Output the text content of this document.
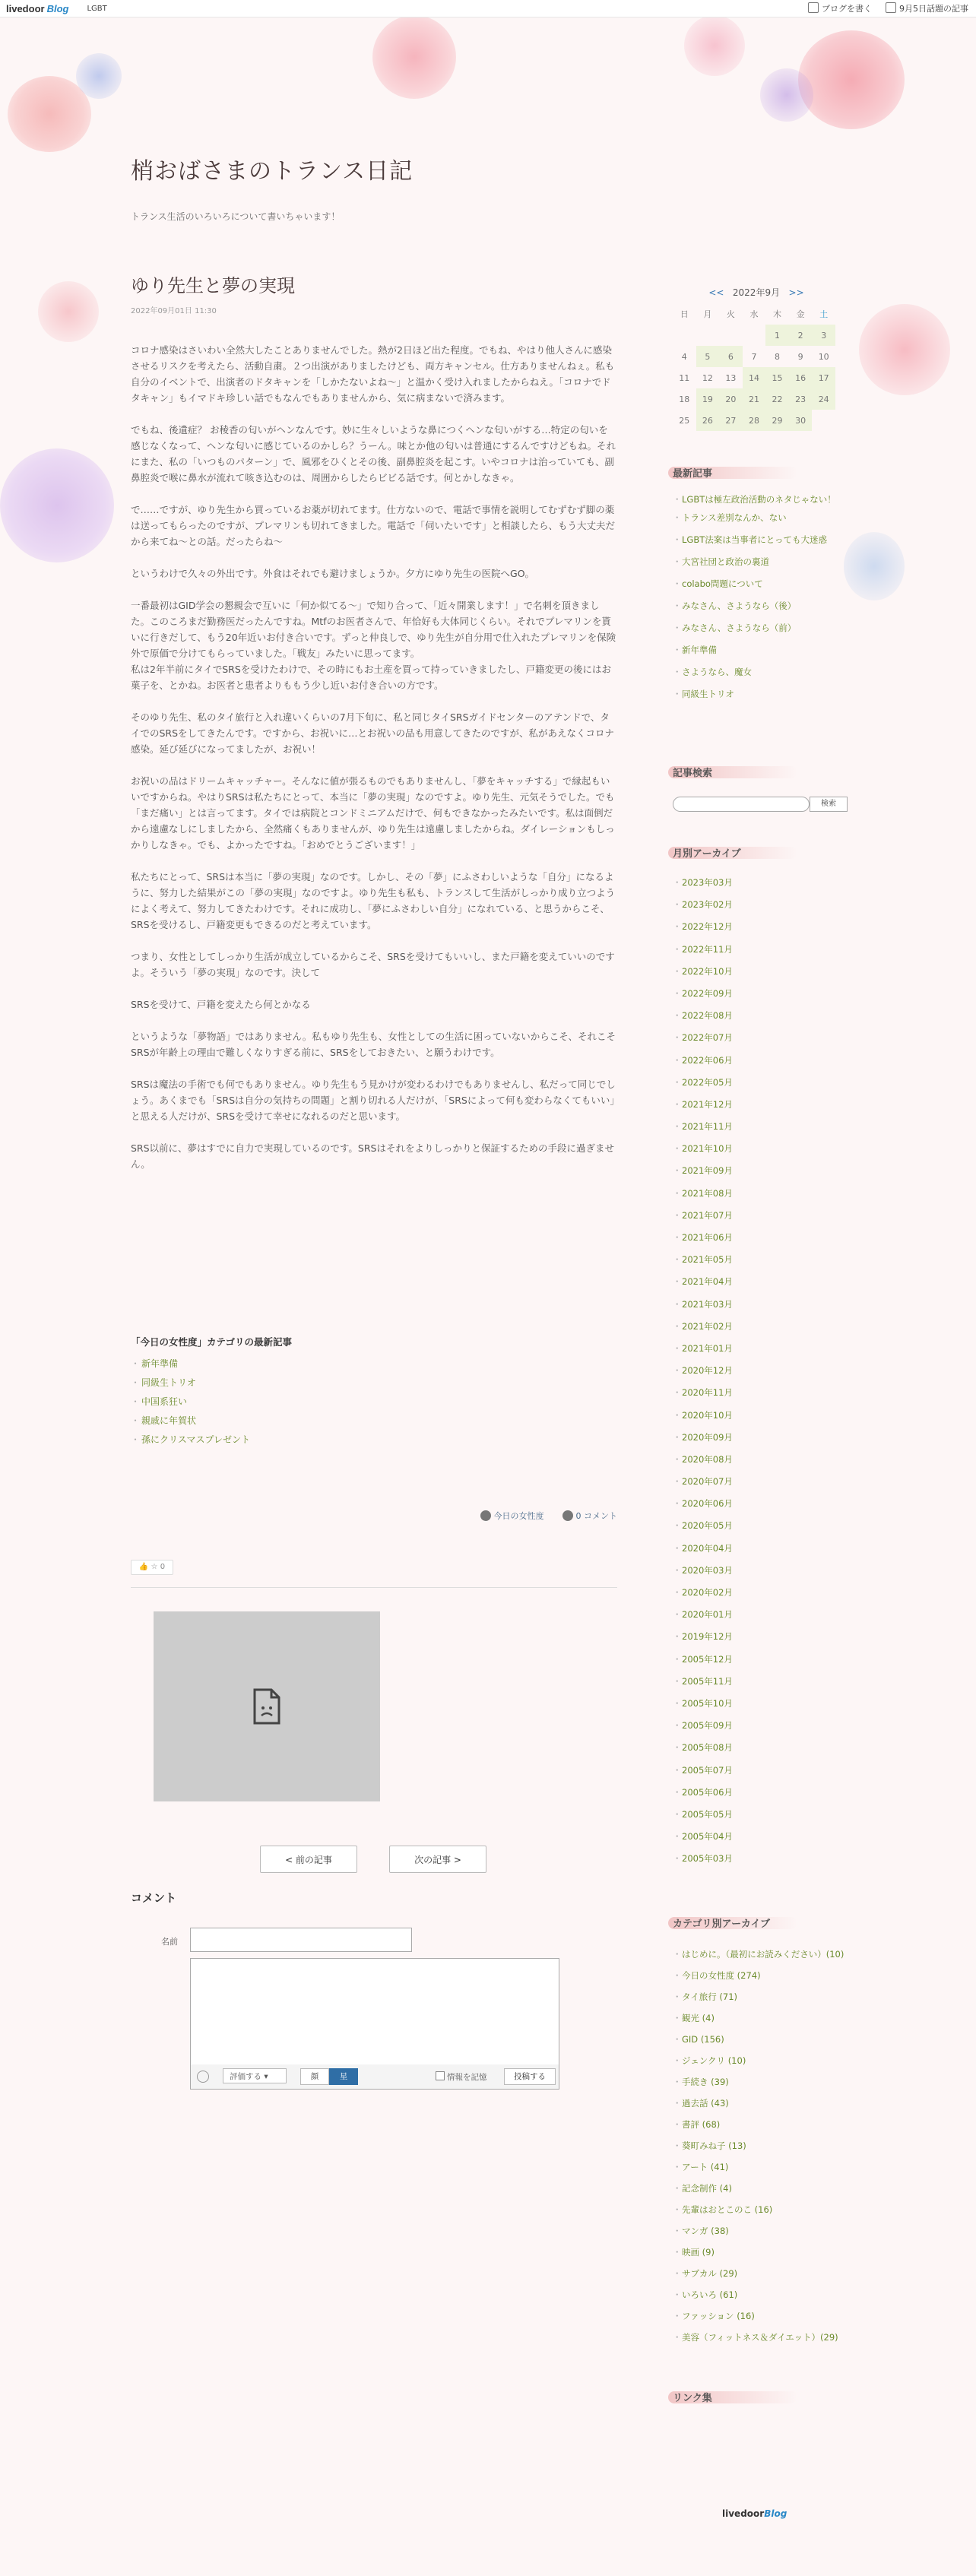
livedoor Blog LGBT	ブログを書く	9月5日話題の記事
梢おばさまのトランス日記
トランス生活のいろいろについて書いちゃいます！
ゆり先生と夢の実現
2022年09月01日 11:30

コロナ感染はさいわい全然大したことありませんでした。熱が2日ほど出た程度。でもね、やはり他人さんに感染させるリスクを考えたら、活動自粛。２つ出演がありましたけども、両方キャンセル。仕方ありませんねぇ。私も自分のイベントで、出演者のドタキャンを「しかたないよね～」と温かく受け入れましたからねえ。「コロナでドタキャン」もイマドキ珍しい話でもなんでもありませんから、気に病まないで済みます。

でもね、後遺症？ お稜香の匂いがヘンなんです。妙に生々しいような鼻につくヘンな匂いがする…特定の匂いを感じなくなって、ヘンな匂いに感じているのかしら？うーん。味とか他の匂いは普通にするんですけどもね。それにまた、私の「いつものパターン」で、風邪をひくとその後、副鼻腔炎を起こす。いやコロナは治っていても、副鼻腔炎で喉に鼻水が流れて咳き込むのは、周囲からしたらビビる話です。何とかしなきゃ。

で……ですが、ゆり先生から買っているお薬が切れてます。仕方ないので、電話で事情を説明してむずむず脚の薬は送ってもらったのですが、プレマリンも切れてきました。電話で「伺いたいです」と相談したら、もう大丈夫だから来てね～との話。だったらね～

というわけで久々の外出です。外食はそれでも避けましょうか。夕方にゆり先生の医院へGO。

一番最初はGID学会の懇親会で互いに「何か似てる～」で知り合って、「近々開業します！」で名刺を頂きました。このころまだ勤務医だったんですね。Mtfのお医者さんで、年恰好も大体同じくらい。それでプレマリンを貰いに行きだして、もう20年近いお付き合いです。ずっと仲良しで、ゆり先生が自分用で仕入れたプレマリンを保険外で原価で分けてもらっていました。「戦友」みたいに思ってます。
私は2年半前にタイでSRSを受けたわけで、その時にもお土産を買って持っていきましたし、戸籍変更の後にはお菓子を、とかね。お医者と患者よりももう少し近いお付き合いの方です。

そのゆり先生、私のタイ旅行と入れ違いくらいの7月下旬に、私と同じタイSRSガイドセンターのアテンドで、タイでのSRSをしてきたんです。ですから、お祝いに…とお祝いの品も用意してきたのですが、私があえなくコロナ感染。延び延びになってましたが、お祝い！

お祝いの品はドリームキャッチャー。そんなに値が張るものでもありませんし、「夢をキャッチする」で縁起もいいですからね。やはりSRSは私たちにとって、本当に「夢の実現」なのですよ。ゆり先生、元気そうでした。でも「まだ痛い」とは言ってます。タイでは病院とコンドミニアムだけで、何もできなかったみたいです。私は面倒だから遠慮なしにしましたから、全然痛くもありませんが、ゆり先生は遠慮しましたからね。ダイレーションもしっかりしなきゃ。でも、よかったですね。「おめでとうございます！」

私たちにとって、SRSは本当に「夢の実現」なのです。しかし、その「夢」にふさわしいような「自分」になるように、努力した結果がこの「夢の実現」なのですよ。ゆり先生も私も、トランスして生活がしっかり成り立つようによく考えて、努力してきたわけです。それに成功し、「夢にふさわしい自分」になれている、と思うからこそ、SRSを受けるし、戸籍変更もできるのだと考えています。

つまり、女性としてしっかり生活が成立しているからこそ、SRSを受けてもいいし、また戸籍を変えていいのですよ。そういう「夢の実現」なのです。決して

SRSを受けて、戸籍を変えたら何とかなる

というような「夢物語」ではありません。私もゆり先生も、女性としての生活に困っていないからこそ、それこそSRSが年齢上の理由で難しくなりすぎる前に、SRSをしておきたい、と願うわけです。

SRSは魔法の手術でも何でもありません。ゆり先生もう見かけが変わるわけでもありませんし、私だって同じでしょう。あくまでも「SRSは自分の気持ちの問題」と割り切れる人だけが、「SRSによって何も変わらなくてもいい」と思える人だけが、SRSを受けて幸せになれるのだと思います。

SRS以前に、夢はすでに自力で実現しているのです。SRSはそれをよりしっかりと保証するための手段に過ぎません。

「今日の女性度」カテゴリの最新記事
・ 新年準備
・ 同級生トリオ
・ 中国系狂い
・ 親戚に年賀状
・ 孫にクリスマスプレゼント
今日の女性度	0 コメント
👍 ☆ 0
< 前の記事	次の記事 >
コメント
名前
評価する ▾	顔	星	情報を記憶	投稿する
<< 2022年9月 >>
日	月	火	水	木	金	土
				1	2	3
4	5	6	7	8	9	10
11	12	13	14	15	16	17
18	19	20	21	22	23	24
25	26	27	28	29	30	
最新記事
・ LGBTは極左政治活動のネタじゃない！
・ トランス差別なんか、ない
・ LGBT法案は当事者にとっても大迷惑
・ 大宮社団と政治の裏道
・ colabo問題について
・ みなさん、さようなら（後）
・ みなさん、さようなら（前）
・ 新年準備
・ さようなら、魔女
・ 同級生トリオ
記事検索
検索
月別アーカイブ
・ 2023年03月
・ 2023年02月
・ 2022年12月
・ 2022年11月
・ 2022年10月
・ 2022年09月
・ 2022年08月
・ 2022年07月
・ 2022年06月
・ 2022年05月
・ 2021年12月
・ 2021年11月
・ 2021年10月
・ 2021年09月
・ 2021年08月
・ 2021年07月
・ 2021年06月
・ 2021年05月
・ 2021年04月
・ 2021年03月
・ 2021年02月
・ 2021年01月
・ 2020年12月
・ 2020年11月
・ 2020年10月
・ 2020年09月
・ 2020年08月
・ 2020年07月
・ 2020年06月
・ 2020年05月
・ 2020年04月
・ 2020年03月
・ 2020年02月
・ 2020年01月
・ 2019年12月
・ 2005年12月
・ 2005年11月
・ 2005年10月
・ 2005年09月
・ 2005年08月
・ 2005年07月
・ 2005年06月
・ 2005年05月
・ 2005年04月
・ 2005年03月
カテゴリ別アーカイブ
・ はじめに。（最初にお読みください）(10)
・ 今日の女性度 (274)
・ タイ旅行 (71)
・ 観光 (4)
・ GID (156)
・ ジェンクリ (10)
・ 手続き (39)
・ 過去話 (43)
・ 書評 (68)
・ 葵町みね子 (13)
・ アート (41)
・ 記念制作 (4)
・ 先輩はおとこのこ (16)
・ マンガ (38)
・ 映画 (9)
・ サブカル (29)
・ いろいろ (61)
・ ファッション (16)
・ 美容（フィットネス＆ダイエット）(29)
リンク集
livedoorBlog
